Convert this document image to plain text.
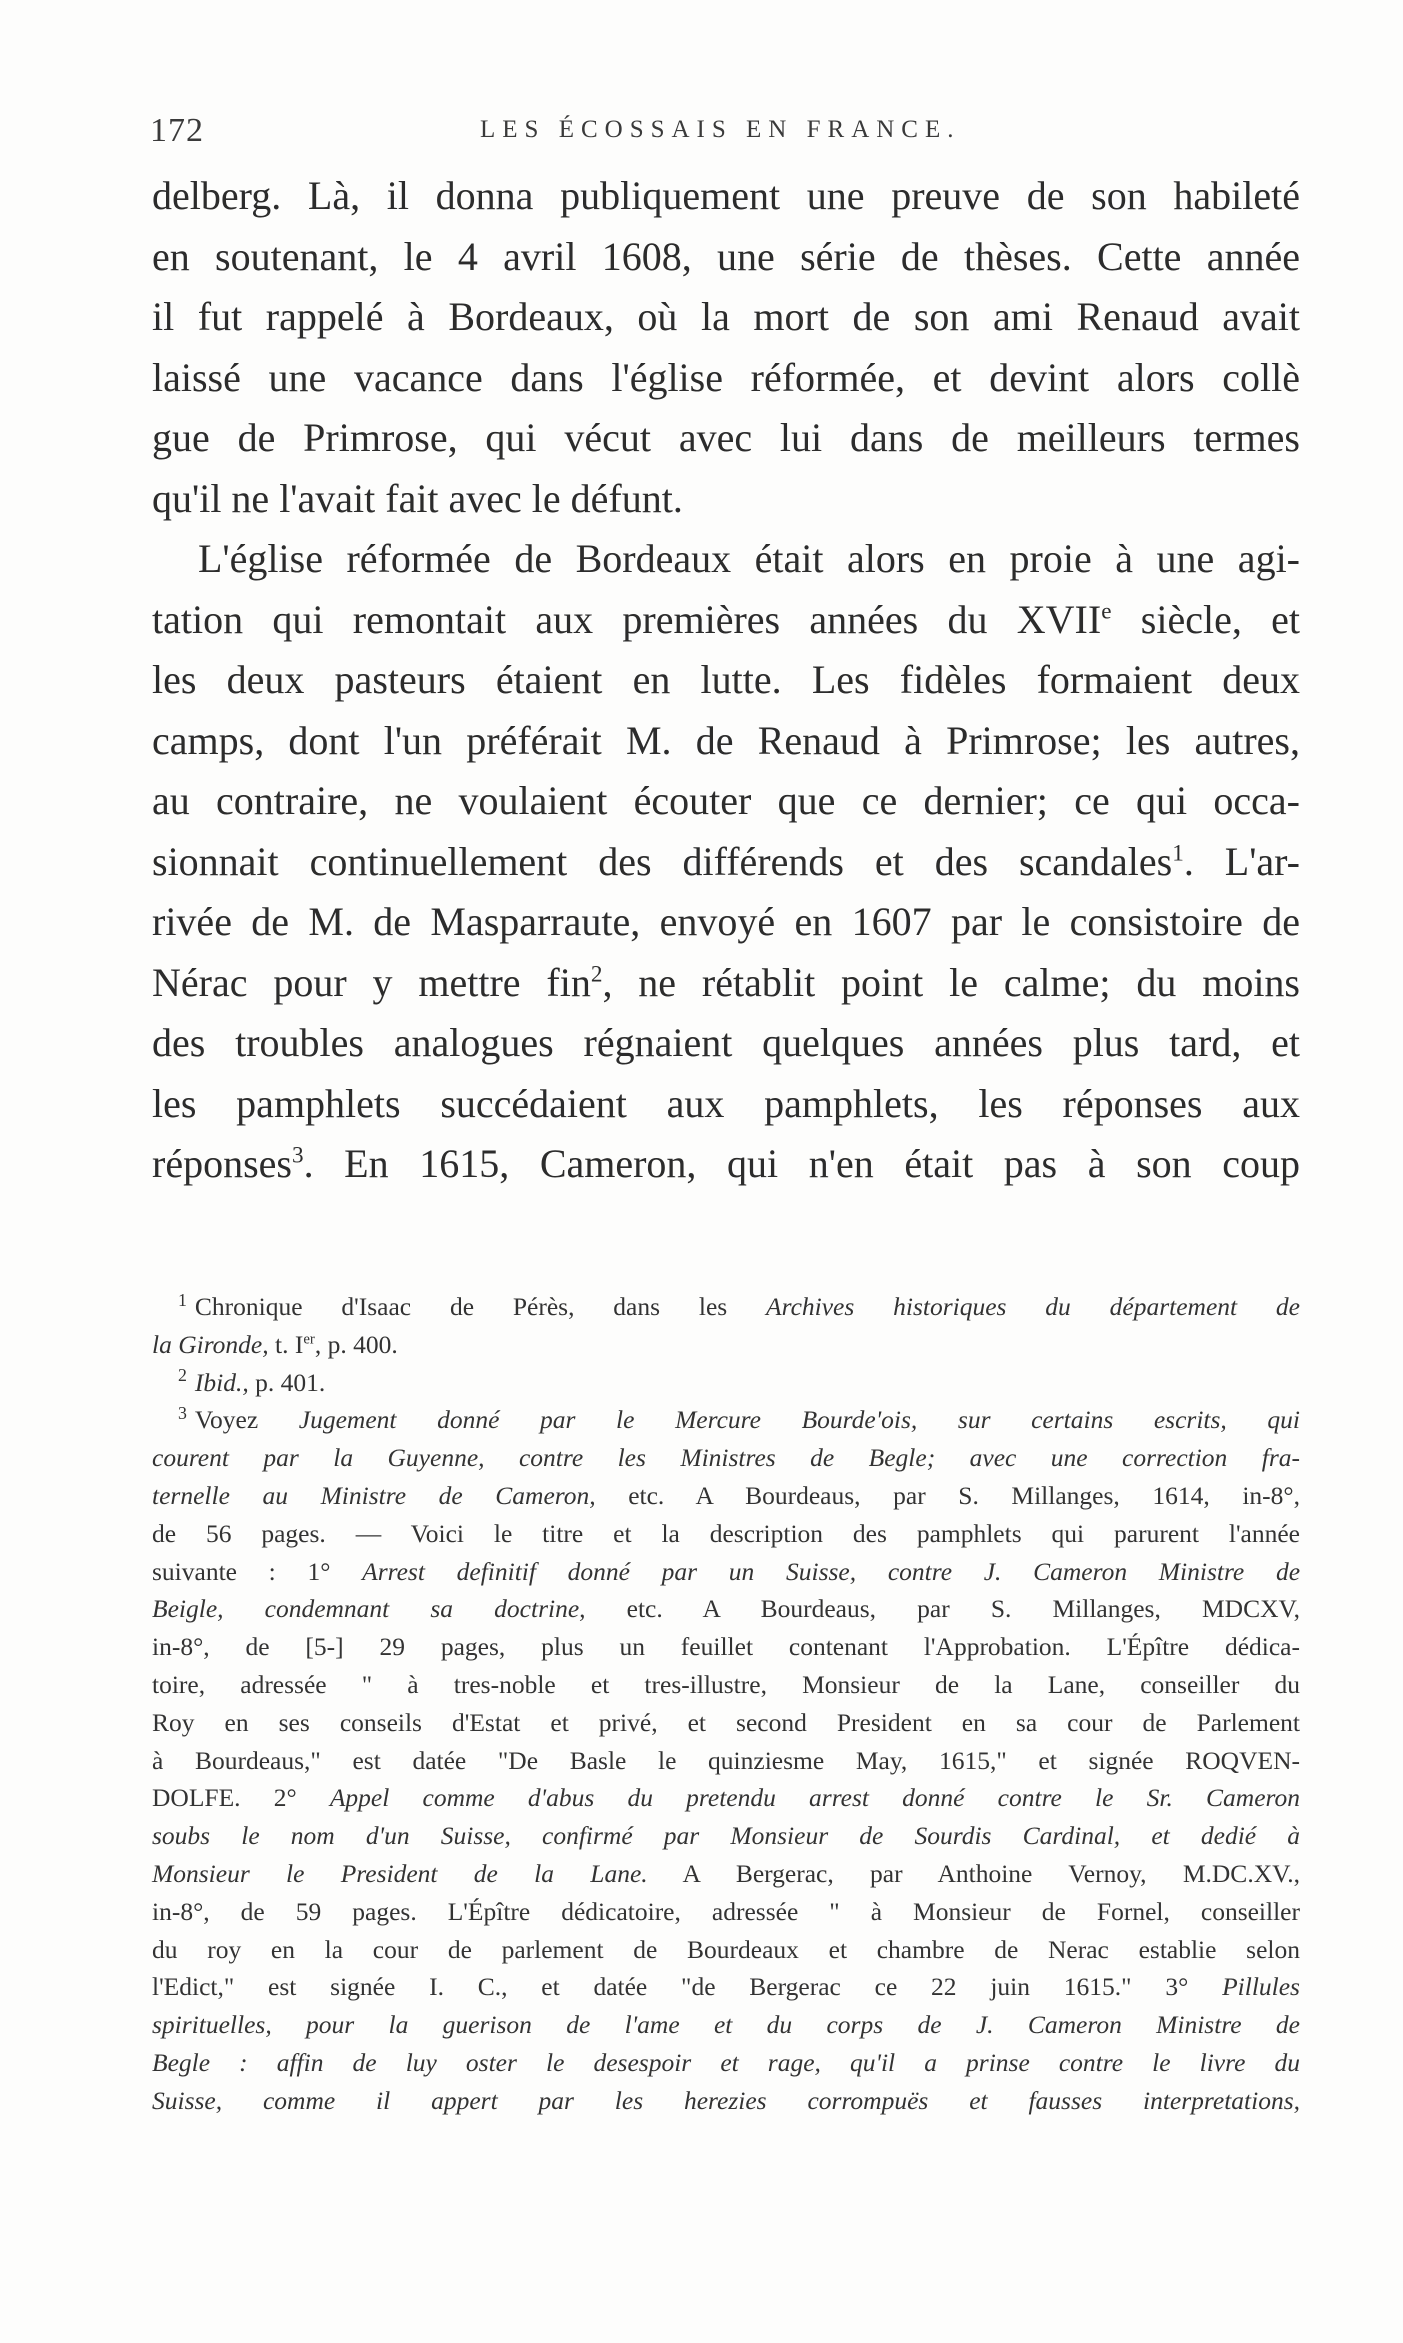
172	LES ÉCOSSAIS EN FRANCE.
delberg. Là, il donna publiquement une preuve de son habileté
en soutenant, le 4 avril 1608, une série de thèses. Cette année
il fut rappelé à Bordeaux, où la mort de son ami Renaud avait
laissé une vacance dans l'église réformée, et devint alors collè
gue de Primrose, qui vécut avec lui dans de meilleurs termes
qu'il ne l'avait fait avec le défunt.
L'église réformée de Bordeaux était alors en proie à une agi-
tation qui remontait aux premières années du XVIIe siècle, et
les deux pasteurs étaient en lutte. Les fidèles formaient deux
camps, dont l'un préférait M. de Renaud à Primrose; les autres,
au contraire, ne voulaient écouter que ce dernier; ce qui occa-
sionnait continuellement des différends et des scandales$^1$. L'ar-
rivée de M. de Masparraute, envoyé en 1607 par le consistoire de
Nérac pour y mettre fin$^2$, ne rétablit point le calme; du moins
des troubles analogues régnaient quelques années plus tard, et
les pamphlets succédaient aux pamphlets, les réponses aux
réponses$^3$. En 1615, Cameron, qui n'en était pas à son coup
$^1$ Chronique d'Isaac de Pérès, dans les Archives historiques du département de
la Gironde, t. Ier, p. 400.
$^2$ Ibid., p. 401.
$^3$ Voyez Jugement donné par le Mercure Bourde'ois, sur certains escrits, qui
courent par la Guyenne, contre les Ministres de Begle; avec une correction fra-
ternelle au Ministre de Cameron, etc. A Bourdeaus, par S. Millanges, 1614, in-8°,
de 56 pages. — Voici le titre et la description des pamphlets qui parurent l'année
suivante : 1° Arrest definitif donné par un Suisse, contre J. Cameron Ministre de
Beigle, condemnant sa doctrine, etc. A Bourdeaus, par S. Millanges, MDCXV,
in-8°, de [5-] 29 pages, plus un feuillet contenant l'Approbation. L'Épître dédica-
toire, adressée " à tres-noble et tres-illustre, Monsieur de la Lane, conseiller du
Roy en ses conseils d'Estat et privé, et second President en sa cour de Parlement
à Bourdeaus," est datée "De Basle le quinziesme May, 1615," et signée ROQVEN-
DOLFE. 2° Appel comme d'abus du pretendu arrest donné contre le Sr. Cameron
soubs le nom d'un Suisse, confirmé par Monsieur de Sourdis Cardinal, et dedié à
Monsieur le President de la Lane. A Bergerac, par Anthoine Vernoy, M.DC.XV.,
in-8°, de 59 pages. L'Épître dédicatoire, adressée " à Monsieur de Fornel, conseiller
du roy en la cour de parlement de Bourdeaux et chambre de Nerac establie selon
l'Edict," est signée I. C., et datée "de Bergerac ce 22 juin 1615." 3° Pillules
spirituelles, pour la guerison de l'ame et du corps de J. Cameron Ministre de
Begle : affin de luy oster le desespoir et rage, qu'il a prinse contre le livre du
Suisse, comme il appert par les herezies corrompuës et fausses interpretations,
